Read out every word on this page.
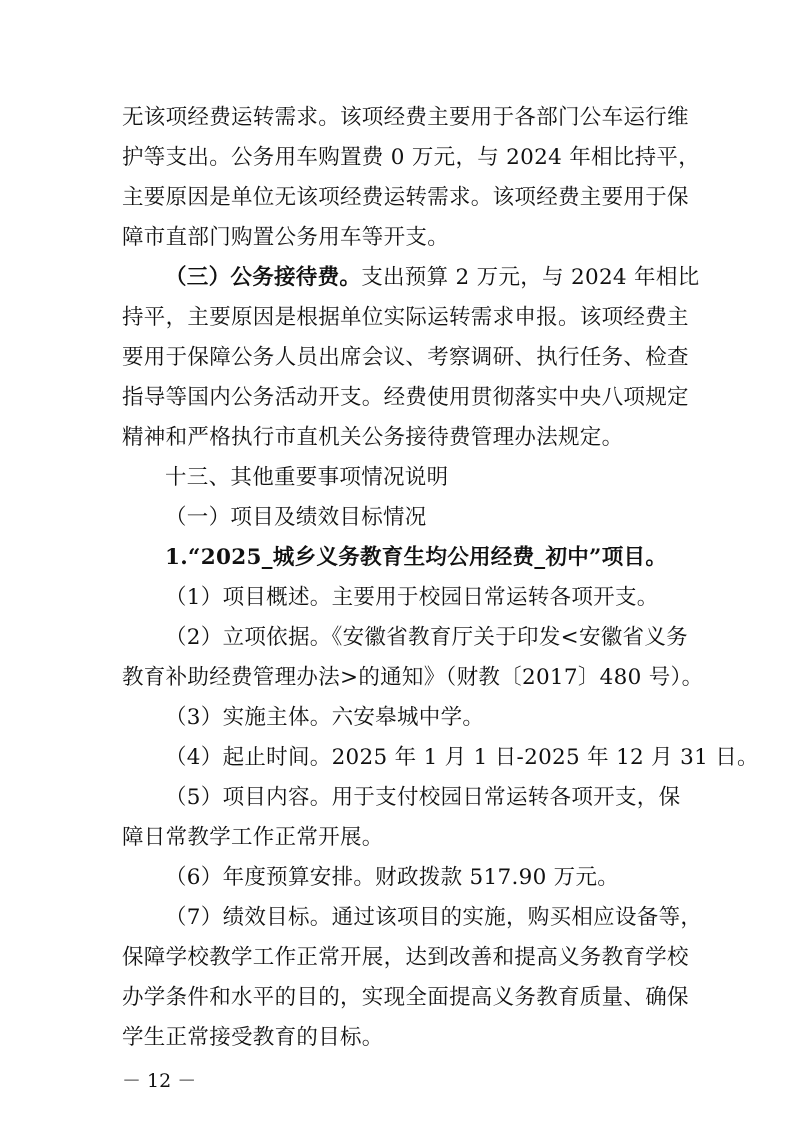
无该项经费运转需求。该项经费主要用于各部门公车运行维
护等支出。公务用车购置费 0 万元，与 2024 年相比持平，
主要原因是单位无该项经费运转需求。该项经费主要用于保
障市直部门购置公务用车等开支。
（三）公务接待费。支出预算 2 万元，与 2024 年相比
持平，主要原因是根据单位实际运转需求申报。该项经费主
要用于保障公务人员出席会议、考察调研、执行任务、检查
指导等国内公务活动开支。经费使用贯彻落实中央八项规定
精神和严格执行市直机关公务接待费管理办法规定。
十三、其他重要事项情况说明
（一）项目及绩效目标情况
1.“2025_城乡义务教育生均公用经费_初中”项目。
（1）项目概述。主要用于校园日常运转各项开支。
（2）立项依据。《安徽省教育厅关于印发<安徽省义务
教育补助经费管理办法>的通知》（财教〔2017〕480 号）。
（3）实施主体。六安皋城中学。
（4）起止时间。2025 年 1 月 1 日-2025 年 12 月 31 日。
（5）项目内容。用于支付校园日常运转各项开支，保
障日常教学工作正常开展。
（6）年度预算安排。财政拨款 517.90 万元。
（7）绩效目标。通过该项目的实施，购买相应设备等，
保障学校教学工作正常开展，达到改善和提高义务教育学校
办学条件和水平的目的，实现全面提高义务教育质量、确保
学生正常接受教育的目标。
－ 12 －
